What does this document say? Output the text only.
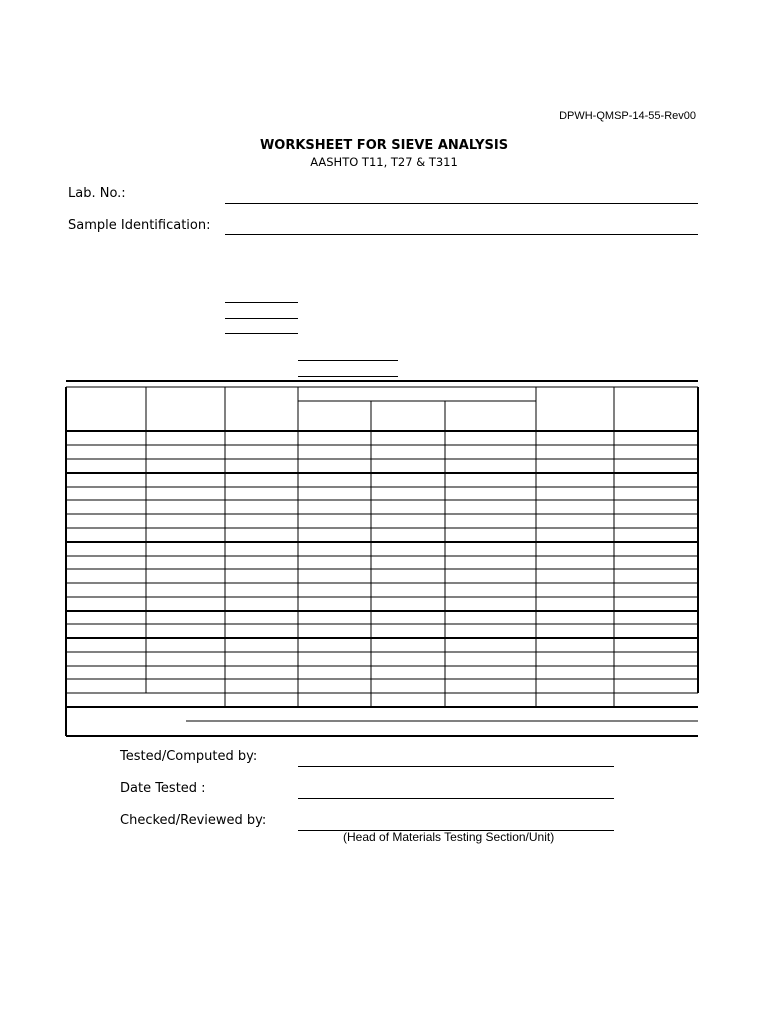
DPWH-QMSP-14-55-Rev00
WORKSHEET FOR SIEVE ANALYSIS
AASHTO T11, T27 & T311
Lab. No.:
Sample Identification:
Tested/Computed by:
Date Tested :
Checked/Reviewed by:
(Head of Materials Testing Section/Unit)
